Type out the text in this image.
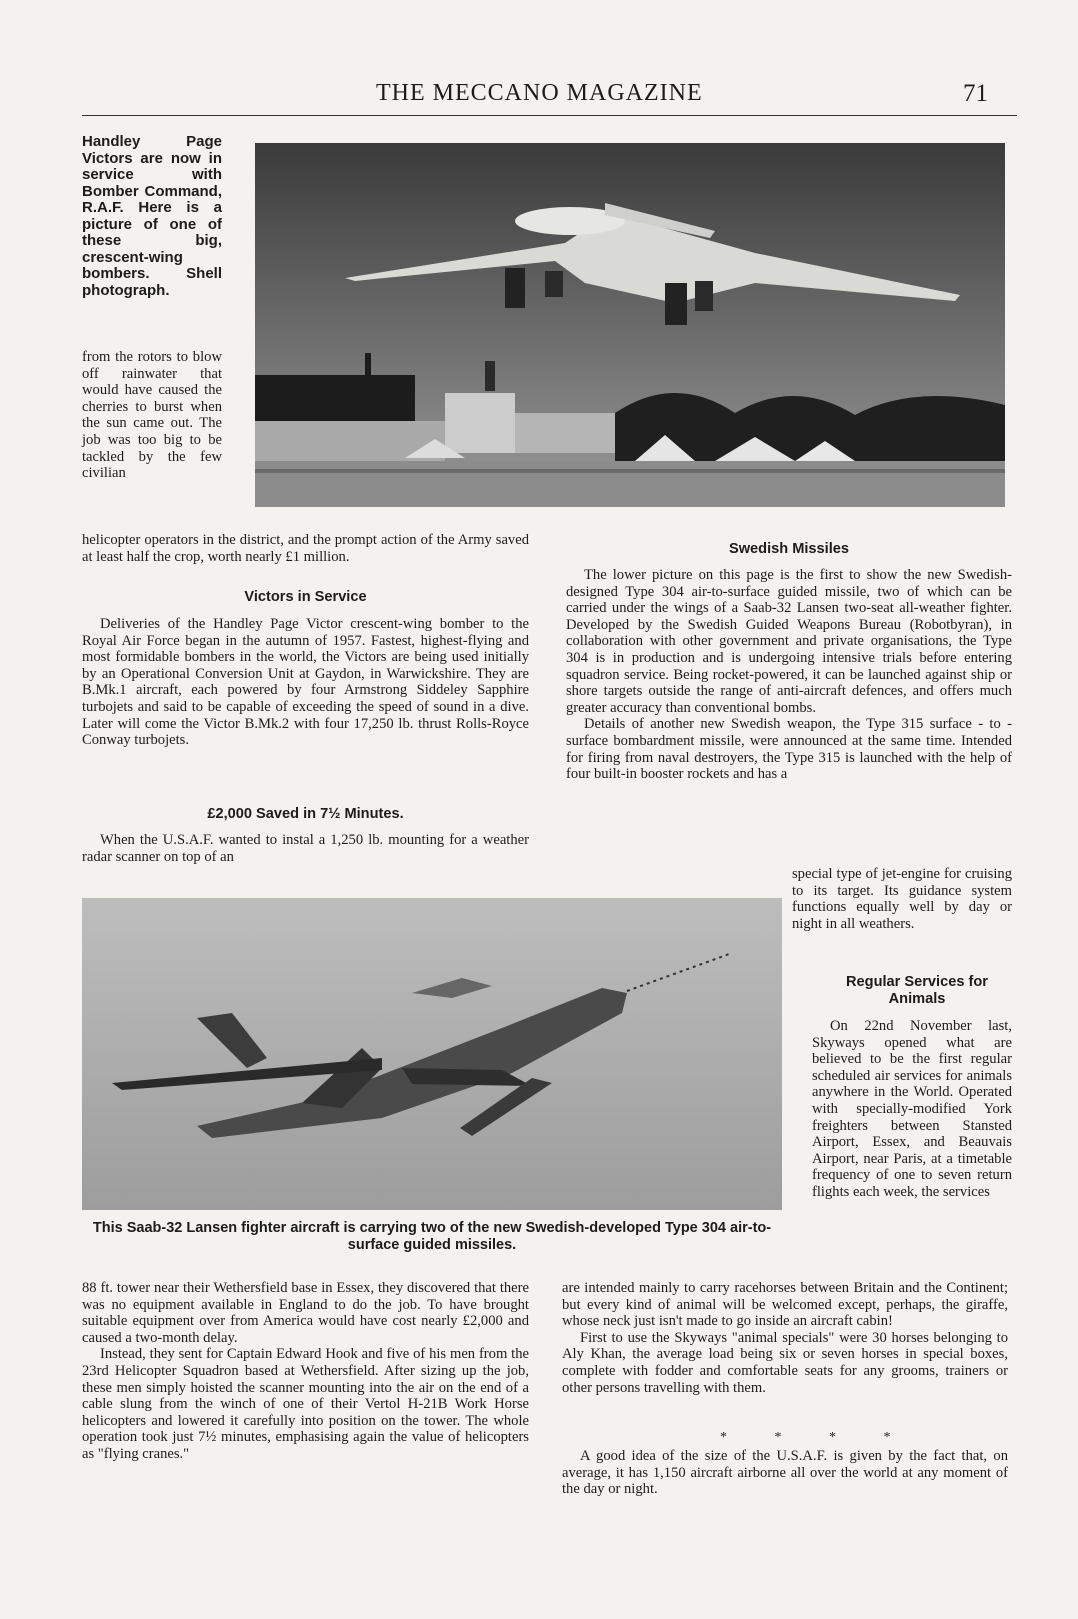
THE MECCANO MAGAZINE	71
Handley Page Victors are now in service with Bomber Command, R.A.F. Here is a picture of one of these big, crescent-wing bombers. Shell photograph.

from the rotors to blow off rainwater that would have caused the cherries to burst when the sun came out. The job was too big to be tackled by the few civilian

helicopter operators in the district, and the prompt action of the Army saved at least half the crop, worth nearly £1 million.

Victors in Service

Deliveries of the Handley Page Victor crescent-wing bomber to the Royal Air Force began in the autumn of 1957. Fastest, highest-flying and most formidable bombers in the world, the Victors are being used initially by an Operational Conversion Unit at Gaydon, in Warwickshire. They are B.Mk.1 aircraft, each powered by four Armstrong Siddeley Sapphire turbojets and said to be capable of exceeding the speed of sound in a dive. Later will come the Victor B.Mk.2 with four 17,250 lb. thrust Rolls-Royce Conway turbojets.

£2,000 Saved in 7½ Minutes.

When the U.S.A.F. wanted to instal a 1,250 lb. mounting for a weather radar scanner on top of an

Swedish Missiles

The lower picture on this page is the first to show the new Swedish-designed Type 304 air-to-surface guided missile, two of which can be carried under the wings of a Saab-32 Lansen two-seat all-weather fighter. Developed by the Swedish Guided Weapons Bureau (Robotbyran), in collaboration with other government and private organisations, the Type 304 is in production and is undergoing intensive trials before entering squadron service. Being rocket-powered, it can be launched against ship or shore targets outside the range of anti-aircraft defences, and offers much greater accuracy than conventional bombs.

Details of another new Swedish weapon, the Type 315 surface - to - surface bombardment missile, were announced at the same time. Intended for firing from naval destroyers, the Type 315 is launched with the help of four built-in booster rockets and has a

special type of jet-engine for cruising to its target. Its guidance system functions equally well by day or night in all weathers.

Regular Services for Animals

On 22nd November last, Skyways opened what are believed to be the first regular scheduled air services for animals anywhere in the World. Operated with specially-modified York freighters between Stansted Airport, Essex, and Beauvais Airport, near Paris, at a timetable frequency of one to seven return flights each week, the services

This Saab-32 Lansen fighter aircraft is carrying two of the new Swedish-developed Type 304 air-to-surface guided missiles.

88 ft. tower near their Wethersfield base in Essex, they discovered that there was no equipment available in England to do the job. To have brought suitable equipment over from America would have cost nearly £2,000 and caused a two-month delay.

Instead, they sent for Captain Edward Hook and five of his men from the 23rd Helicopter Squadron based at Wethersfield. After sizing up the job, these men simply hoisted the scanner mounting into the air on the end of a cable slung from the winch of one of their Vertol H-21B Work Horse helicopters and lowered it carefully into position on the tower. The whole operation took just 7½ minutes, emphasising again the value of helicopters as "flying cranes."

are intended mainly to carry racehorses between Britain and the Continent; but every kind of animal will be welcomed except, perhaps, the giraffe, whose neck just isn't made to go inside an aircraft cabin!

First to use the Skyways "animal specials" were 30 horses belonging to Aly Khan, the average load being six or seven horses in special boxes, complete with fodder and comfortable seats for any grooms, trainers or other persons travelling with them.

* * * *

A good idea of the size of the U.S.A.F. is given by the fact that, on average, it has 1,150 aircraft airborne all over the world at any moment of the day or night.
